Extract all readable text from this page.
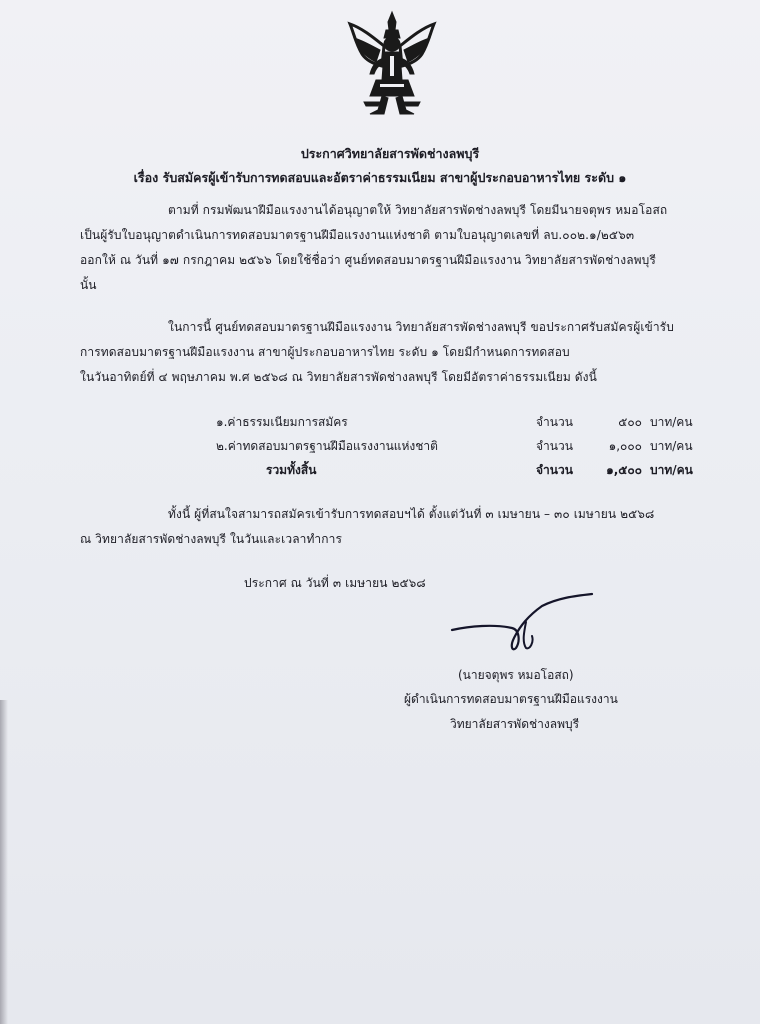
ประกาศวิทยาลัยสารพัดช่างลพบุรี
เรื่อง รับสมัครผู้เข้ารับการทดสอบและอัตราค่าธรรมเนียม สาขาผู้ประกอบอาหารไทย ระดับ ๑
ตามที่ กรมพัฒนาฝีมือแรงงานได้อนุญาตให้ วิทยาลัยสารพัดช่างลพบุรี โดยมีนายจตุพร หมอโอสถ
เป็นผู้รับใบอนุญาตดำเนินการทดสอบมาตรฐานฝีมือแรงงานแห่งชาติ ตามใบอนุญาตเลขที่ ลบ.๐๐๒.๑/๒๕๖๓
ออกให้ ณ วันที่ ๑๗ กรกฎาคม ๒๕๖๖ โดยใช้ชื่อว่า ศูนย์ทดสอบมาตรฐานฝีมือแรงงาน วิทยาลัยสารพัดช่างลพบุรี
นั้น
ในการนี้ ศูนย์ทดสอบมาตรฐานฝีมือแรงงาน วิทยาลัยสารพัดช่างลพบุรี ขอประกาศรับสมัครผู้เข้ารับ
การทดสอบมาตรฐานฝีมือแรงงาน สาขาผู้ประกอบอาหารไทย ระดับ ๑ โดยมีกำหนดการทดสอบ
ในวันอาทิตย์ที่ ๔ พฤษภาคม พ.ศ ๒๕๖๘ ณ วิทยาลัยสารพัดช่างลพบุรี โดยมีอัตราค่าธรรมเนียม ดังนี้
๑.ค่าธรรมเนียมการสมัคร	จำนวน	๕๐๐ บาท/คน
๒.ค่าทดสอบมาตรฐานฝีมือแรงงานแห่งชาติ	จำนวน	๑,๐๐๐ บาท/คน
รวมทั้งสิ้น	จำนวน	๑,๕๐๐ บาท/คน
ทั้งนี้ ผู้ที่สนใจสามารถสมัครเข้ารับการทดสอบฯได้ ตั้งแต่วันที่ ๓ เมษายน – ๓๐ เมษายน ๒๕๖๘
ณ วิทยาลัยสารพัดช่างลพบุรี ในวันและเวลาทำการ
ประกาศ ณ วันที่ ๓ เมษายน ๒๕๖๘
(นายจตุพร หมอโอสถ)
ผู้ดำเนินการทดสอบมาตรฐานฝีมือแรงงาน
วิทยาลัยสารพัดช่างลพบุรี
